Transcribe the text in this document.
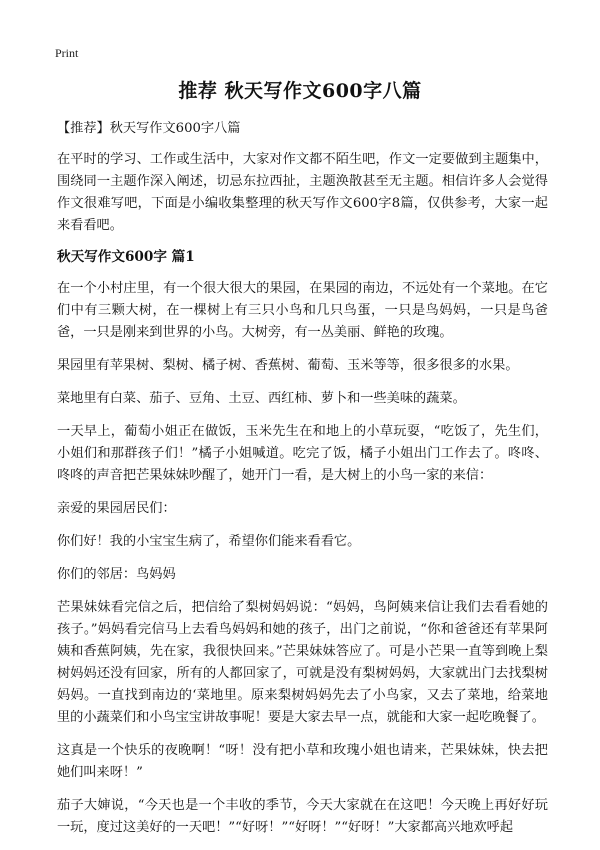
Print
推荐 秋天写作文600字八篇
【推荐】秋天写作文600字八篇
在平时的学习、工作或生活中，大家对作文都不陌生吧，作文一定要做到主题集中，围绕同一主题作深入阐述，切忌东拉西扯，主题涣散甚至无主题。相信许多人会觉得作文很难写吧，下面是小编收集整理的秋天写作文600字8篇，仅供参考，大家一起来看看吧。
秋天写作文600字 篇1
在一个小村庄里，有一个很大很大的果园，在果园的南边，不远处有一个菜地。在它们中有三颗大树，在一棵树上有三只小鸟和几只鸟蛋，一只是鸟妈妈，一只是鸟爸爸，一只是刚来到世界的小鸟。大树旁，有一丛美丽、鲜艳的玫瑰。
果园里有苹果树、梨树、橘子树、香蕉树、葡萄、玉米等等，很多很多的水果。
菜地里有白菜、茄子、豆角、土豆、西红柿、萝卜和一些美味的蔬菜。
一天早上，葡萄小姐正在做饭，玉米先生在和地上的小草玩耍，“吃饭了，先生们，小姐们和那群孩子们！”橘子小姐喊道。吃完了饭，橘子小姐出门工作去了。咚咚、咚咚的声音把芒果妹妹吵醒了，她开门一看，是大树上的小鸟一家的来信：
亲爱的果园居民们：
你们好！我的小宝宝生病了，希望你们能来看看它。
你们的邻居：鸟妈妈
芒果妹妹看完信之后，把信给了梨树妈妈说：“妈妈，鸟阿姨来信让我们去看看她的孩子。”妈妈看完信马上去看鸟妈妈和她的孩子，出门之前说，“你和爸爸还有苹果阿姨和香蕉阿姨，先在家，我很快回来。”芒果妹妹答应了。可是小芒果一直等到晚上梨树妈妈还没有回家，所有的人都回家了，可就是没有梨树妈妈，大家就出门去找梨树妈妈。一直找到南边的‘菜地里。原来梨树妈妈先去了小鸟家，又去了菜地，给菜地里的小蔬菜们和小鸟宝宝讲故事呢！要是大家去早一点，就能和大家一起吃晚餐了。
这真是一个快乐的夜晚啊！“呀！没有把小草和玫瑰小姐也请来，芒果妹妹，快去把她们叫来呀！”
茄子大婶说，“今天也是一个丰收的季节，今天大家就在在这吧！今天晚上再好好玩一玩，度过这美好的一天吧！”“好呀！”“好呀！”“好呀！”大家都高兴地欢呼起
